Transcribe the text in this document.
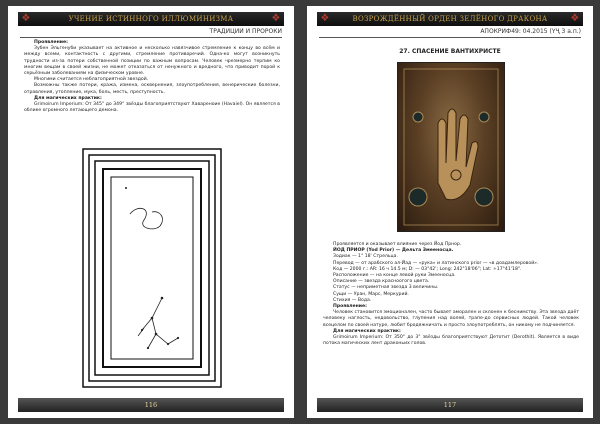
❖	УЧЕНИЕ ИСТИННОГО ИЛЛЮМИНИЗМА	❖
ТРАДИЦИИ И ПРОРОКИ

Проявление:

Зубен Эльгенуби указывает на активное и несколько навязчивое стремление к концу во всём и между всеми, контактность с другими, стремление противоречий. Одна-ко могут возникнуть трудности из-за потери собственной позиции по важным вопросам. Человек чрезмерно терпим ко многим вещам в своей жизни, не может отказаться от ненужного и вредного, что приводит порой к серьёзным заболеваниям на физическом уровне.

Многими считается неблагоприятной звездой.

Возможны также потери, кража, измена, осквернения, злоупотребления, венерические болезни, отравления, утопление, мука, боль, месть, преступность.

Для магических практик:

Grimoirum Imperium: От 345° до 349° звёзды благоприятствуют Хавареноиe (Havaiel). Он является в облике огромного летающего демона.

116
❖	ВОЗРОЖДЁННЫЙ ОРДЕН ЗЕЛЁНОГО ДРАКОНА ❖
АПОКРИФ49: 04.2015 (ҮҶ 3 а.п.)
27. СПАСЕНИЕ ВАНТИХРИСТЕ

Проявляется и оказывает влияние через Йод Прнор.

ЙОД ПРИОР (Yod Prior) — Дельта Змееносца.

Зодиак — 1° 18' Стрельца.

Перевод — от арабского ал-Йад — «рука» и латинского prior — «в доадамлеровой».

Код — 2000 г.: АR: 16 ч 14.5 м; D: — 03°42'; Long: 242°18'06"; Lat: +17°41'18".

Расположение — на конце левой руки Змееносца.

Описание — звезда красноогого цвета.

Статус — неприметная звезда 3 величины.

Сущи — Уран, Марс, Меркурий.

Стихия — Вода.

Проявление:

Человек становится эмоционален, часто бывает аморален и склонен к беснимству. Эта звезда даёт человеку наглость, недовольство, глупения над волей, трапе-до сервисных людей. Такой человек всецелом по своей натуре, любит бродяжничать и просто злоупотреблять, он никому не подчиняется.

Для магических практик:

Grimoirum Imperium: От 350° до 3° звёзды благоприятствуют Детотит (Derothit). Является в виде потока магических лент драконьих голов.

117
